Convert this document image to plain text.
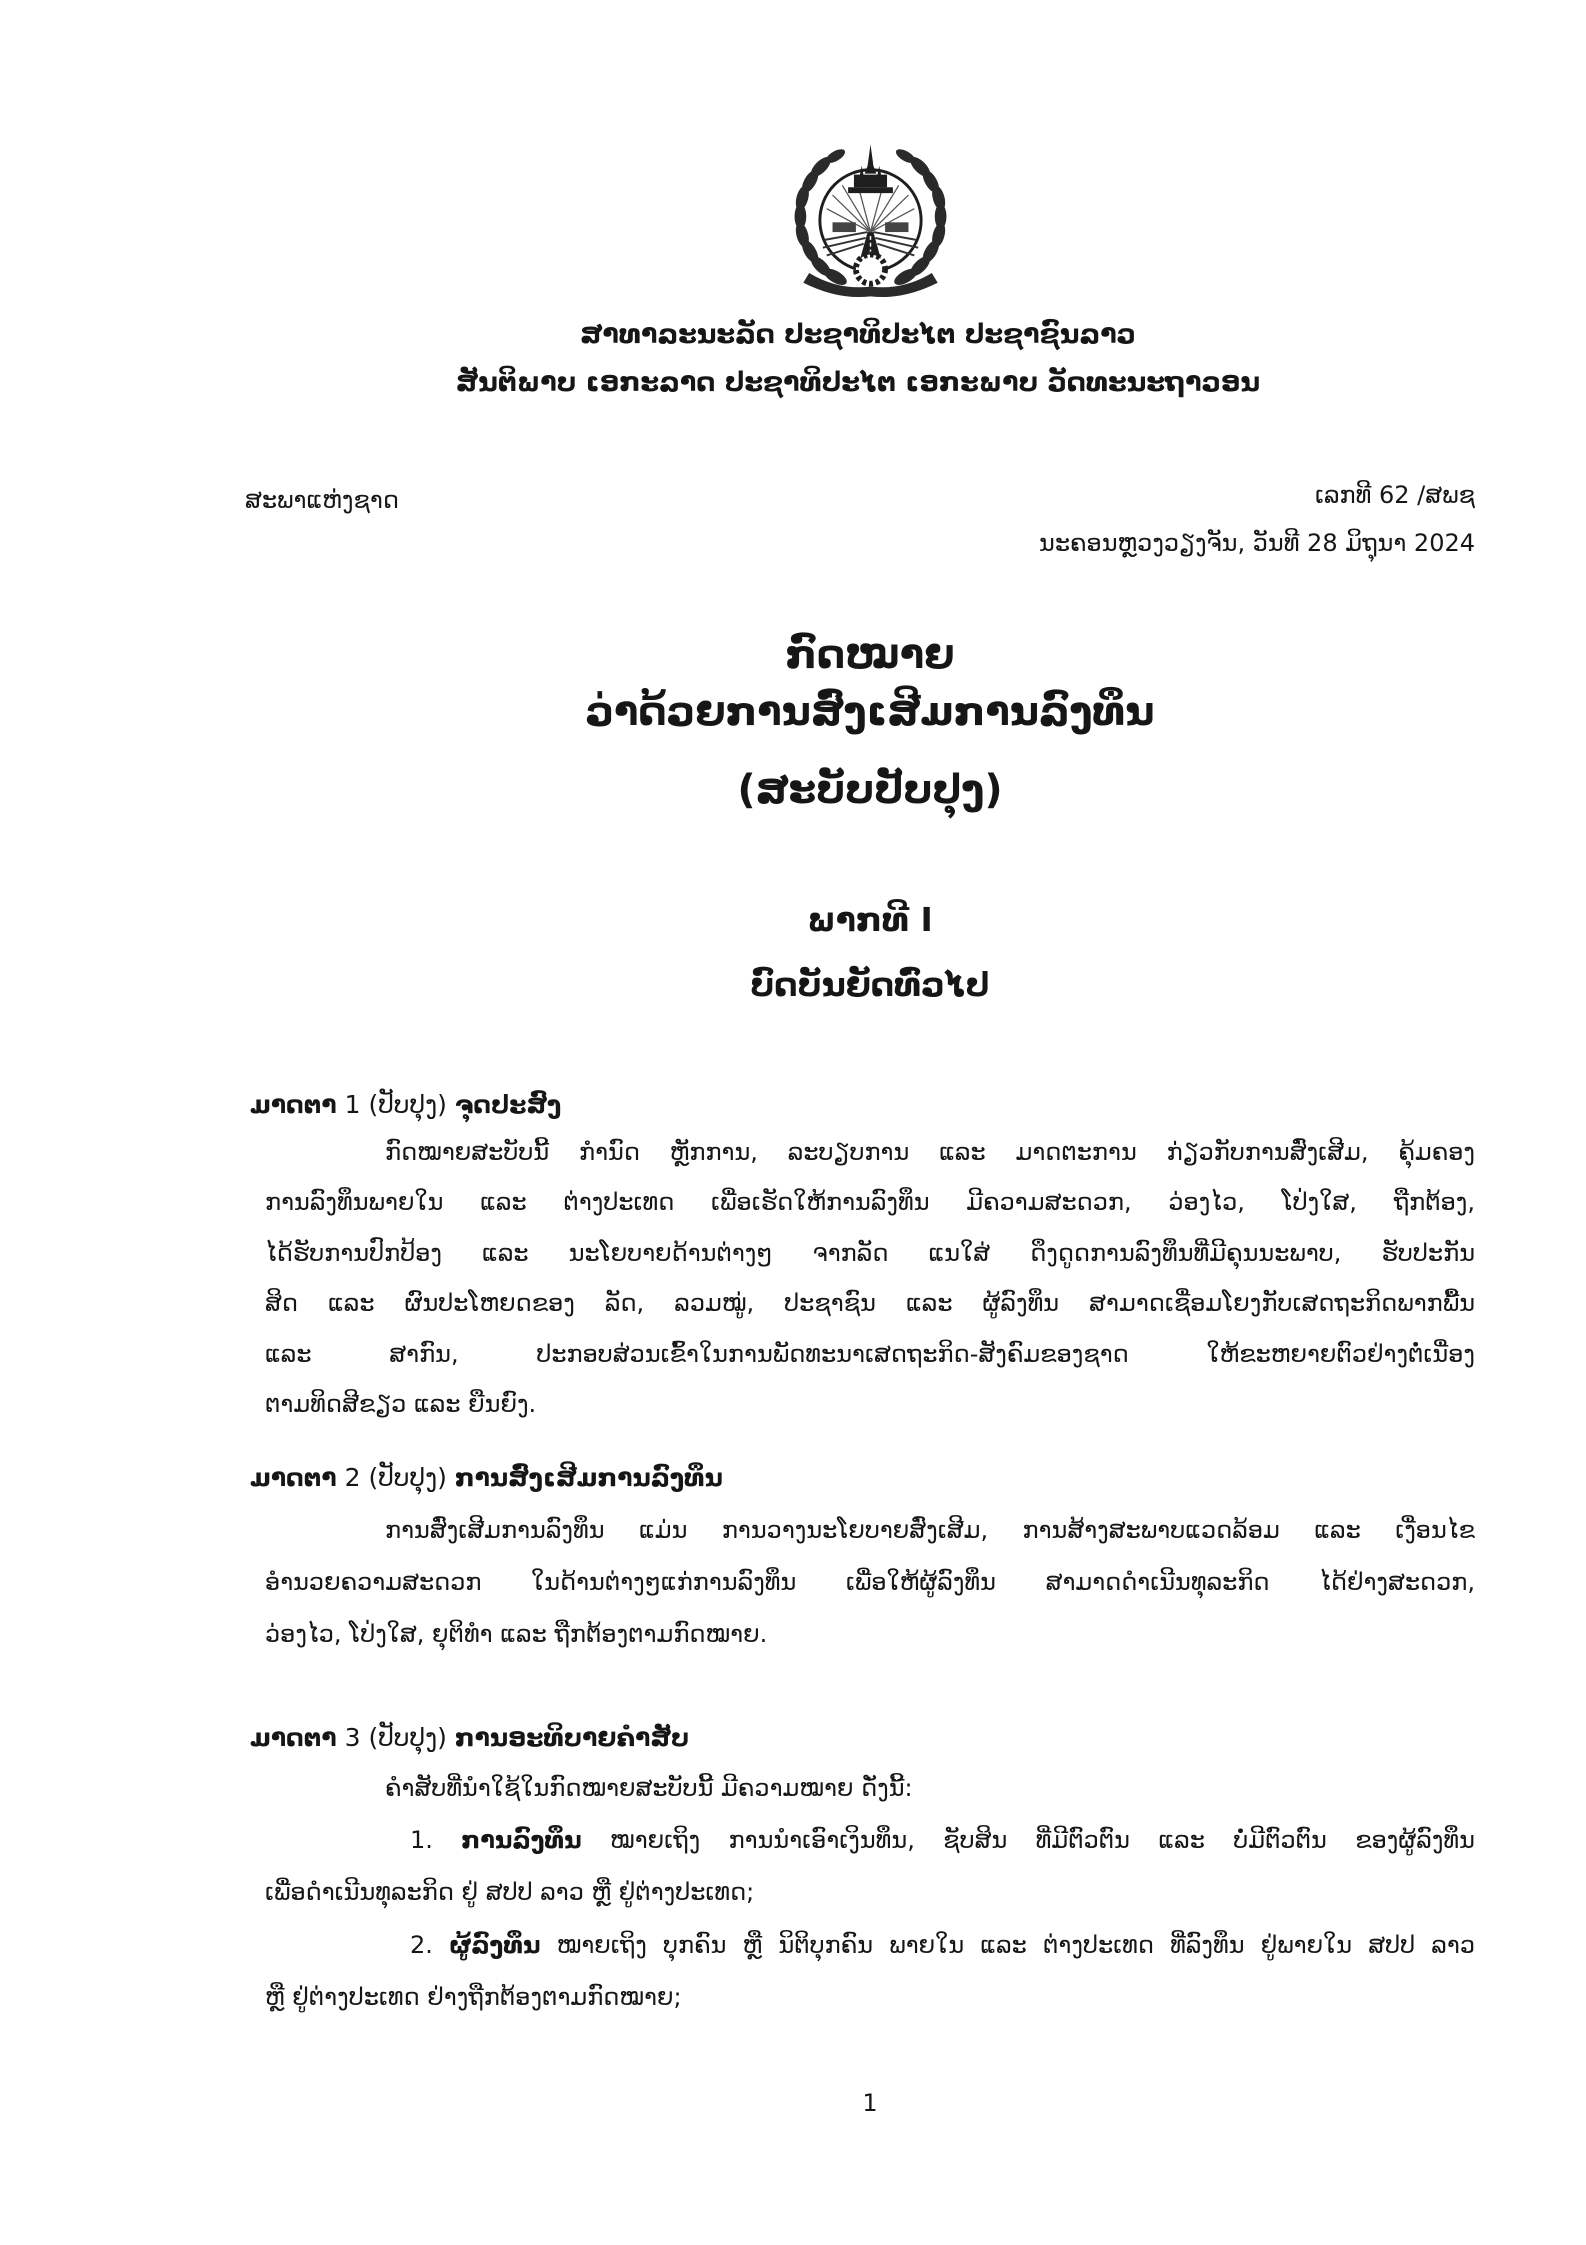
ສາທາລະນະລັດ ປະຊາທິປະໄຕ ປະຊາຊົນລາວ
ສັນຕິພາບ ເອກະລາດ ປະຊາທິປະໄຕ ເອກະພາບ ວັດທະນະຖາວອນ
ສະພາແຫ່ງຊາດ	ເລກທີ 62 /ສພຊ
ນະຄອນຫຼວງວຽງຈັນ, ວັນທີ 28 ມິຖຸນາ 2024
ກົດໝາຍ
ວ່າດ້ວຍການສົ່ງເສີມການລົງທຶນ
(ສະບັບປັບປຸງ)
ພາກທີ I
ບົດບັນຍັດທົ່ວໄປ
ມາດຕາ 1 (ປັບປຸງ) ຈຸດປະສົງ
ກົດໝາຍສະບັບນີ້ ກຳນົດ ຫຼັກການ, ລະບຽບການ ແລະ ມາດຕະການ ກ່ຽວກັບການສົ່ງເສີມ, ຄຸ້ມຄອງ
ການລົງທຶນພາຍໃນ ແລະ ຕ່າງປະເທດ ເພື່ອເຮັດໃຫ້ການລົງທຶນ ມີຄວາມສະດວກ, ວ່ອງໄວ, ໂປ່ງໃສ, ຖືກຕ້ອງ,
ໄດ້ຮັບການປົກປ້ອງ ແລະ ນະໂຍບາຍດ້ານຕ່າງໆ ຈາກລັດ ແນໃສ່ ດຶງດູດການລົງທຶນທີ່ມີຄຸນນະພາບ, ຮັບປະກັນ
ສິດ ແລະ ຜົນປະໂຫຍດຂອງ ລັດ, ລວມໝູ່, ປະຊາຊົນ ແລະ ຜູ້ລົງທຶນ ສາມາດເຊື່ອມໂຍງກັບເສດຖະກິດພາກພື້ນ
ແລະ ສາກົນ, ປະກອບສ່ວນເຂົ້າໃນການພັດທະນາເສດຖະກິດ-ສັງຄົມຂອງຊາດ ໃຫ້ຂະຫຍາຍຕົວຢ່າງຕໍ່ເນື່ອງ
ຕາມທິດສີຂຽວ ແລະ ຍືນຍົງ.
ມາດຕາ 2 (ປັບປຸງ) ການສົ່ງເສີມການລົງທຶນ
ການສົ່ງເສີມການລົງທຶນ ແມ່ນ ການວາງນະໂຍບາຍສົ່ງເສີມ, ການສ້າງສະພາບແວດລ້ອມ ແລະ ເງື່ອນໄຂ
ອຳນວຍຄວາມສະດວກ ໃນດ້ານຕ່າງໆແກ່ການລົງທຶນ ເພື່ອໃຫ້ຜູ້ລົງທຶນ ສາມາດດຳເນີນທຸລະກິດ ໄດ້ຢ່າງສະດວກ,
ວ່ອງໄວ, ໂປ່ງໃສ, ຍຸຕິທຳ ແລະ ຖືກຕ້ອງຕາມກົດໝາຍ.
ມາດຕາ 3 (ປັບປຸງ) ການອະທິບາຍຄຳສັບ
ຄຳສັບທີ່ນຳໃຊ້ໃນກົດໝາຍສະບັບນີ້ ມີຄວາມໝາຍ ດັ່ງນີ້:
1. ການລົງທຶນ ໝາຍເຖິງ ການນຳເອົາເງິນທຶນ, ຊັບສິນ ທີ່ມີຕົວຕົນ ແລະ ບໍ່ມີຕົວຕົນ ຂອງຜູ້ລົງທຶນ
ເພື່ອດຳເນີນທຸລະກິດ ຢູ່ ສປປ ລາວ ຫຼື ຢູ່ຕ່າງປະເທດ;
2. ຜູ້ລົງທຶນ ໝາຍເຖິງ ບຸກຄົນ ຫຼື ນິຕິບຸກຄົນ ພາຍໃນ ແລະ ຕ່າງປະເທດ ທີ່ລົງທຶນ ຢູ່ພາຍໃນ ສປປ ລາວ
ຫຼື ຢູ່ຕ່າງປະເທດ ຢ່າງຖືກຕ້ອງຕາມກົດໝາຍ;
1
